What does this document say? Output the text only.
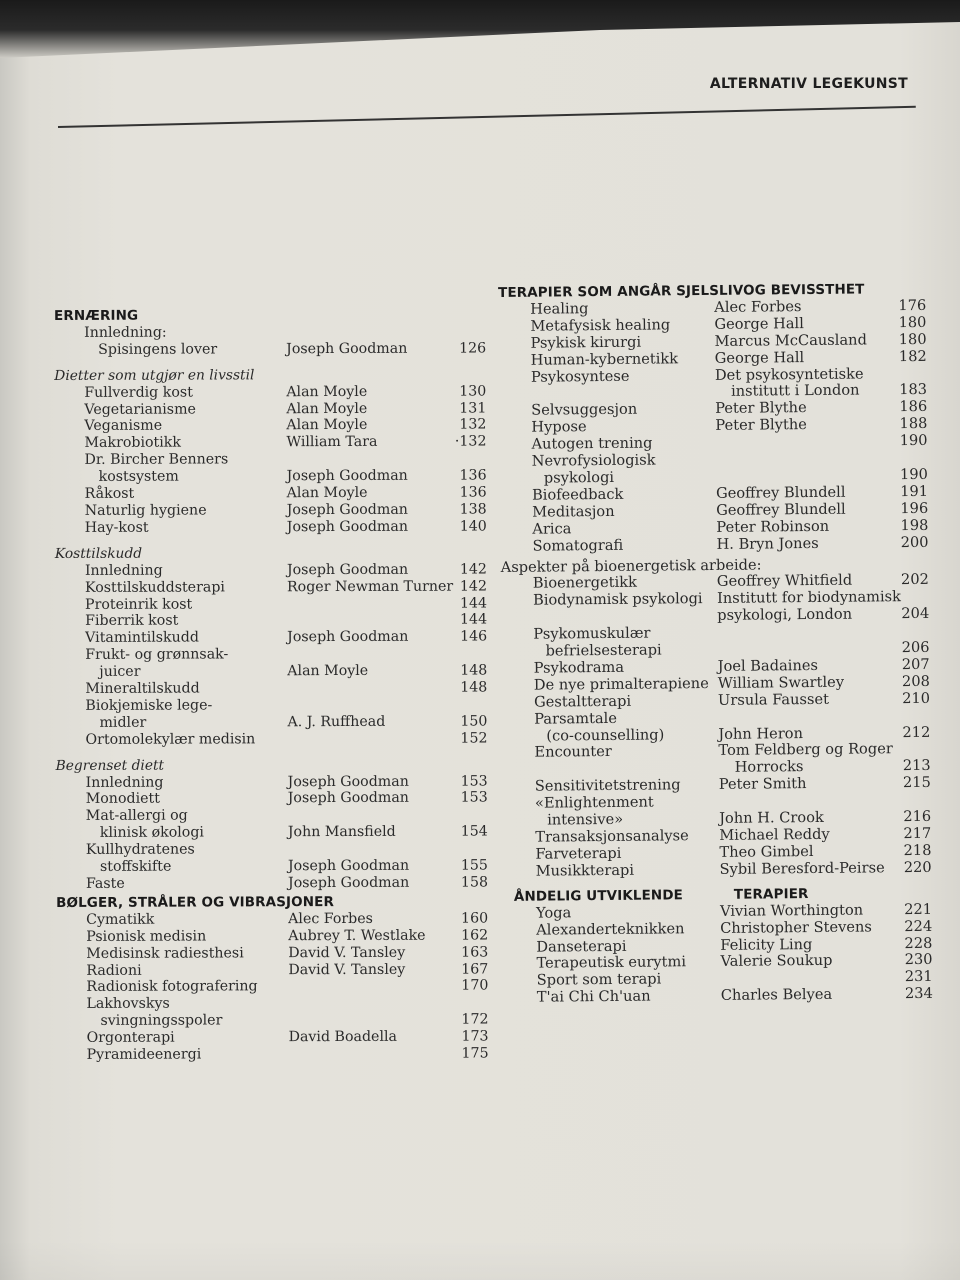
ALTERNATIV LEGEKUNST
ERNÆRING
Innledning:
Spisingens lover	Joseph Goodman	126
Dietter som utgjør en livsstil
Fullverdig kost	Alan Moyle	130
Vegetarianisme	Alan Moyle	131
Veganisme	Alan Moyle	132
Makrobiotikk	William Tara	·132
Dr. Bircher Benners
kostsystem	Joseph Goodman	136
Råkost	Alan Moyle	136
Naturlig hygiene	Joseph Goodman	138
Hay-kost	Joseph Goodman	140
Kosttilskudd
Innledning	Joseph Goodman	142
Kosttilskuddsterapi	Roger Newman Turner 142
Proteinrik kost	144
Fiberrik kost	144
Vitamintilskudd	Joseph Goodman	146
Frukt- og grønnsak-
juicer	Alan Moyle	148
Mineraltilskudd	148
Biokjemiske lege-
midler	A. J. Ruffhead	150
Ortomolekylær medisin	152
Begrenset diett
Innledning	Joseph Goodman	153
Monodiett	Joseph Goodman	153
Mat-allergi og
klinisk økologi	John Mansfield	154
Kullhydratenes
stoffskifte	Joseph Goodman	155
Faste	Joseph Goodman	158
BØLGER, STRÅLER OG VIBRASJONER
Cymatikk	Alec Forbes	160
Psionisk medisin	Aubrey T. Westlake	162
Medisinsk radiesthesi	David V. Tansley	163
Radioni	David V. Tansley	167
Radionisk fotografering	170
Lakhovskys
svingningsspoler	172
Orgonterapi	David Boadella	173
Pyramideenergi	175
TERAPIER SOM ANGÅR SJELSLIVOG BEVISSTHET
Healing	Alec Forbes	176
Metafysisk healing	George Hall	180
Psykisk kirurgi	Marcus McCausland	180
Human-kybernetikk	George Hall	182
Psykosyntese	Det psykosyntetiske

institutt i London	183
Selvsuggesjon	Peter Blythe	186
Hypose	Peter Blythe	188
Autogen trening	190
Nevrofysiologisk
psykologi	190
Biofeedback	Geoffrey Blundell	191
Meditasjon	Geoffrey Blundell	196
Arica	Peter Robinson	198
Somatografi	H. Bryn Jones	200
Aspekter på bioenergetisk arbeide:
Bioenergetikk	Geoffrey Whitfield	202
Biodynamisk psykologi Institutt for biodynamisk

psykologi, London	204
Psykomuskulær
befrielsesterapi	206
Psykodrama	Joel Badaines	207
De nye primalterapiene William Swartley	208
Gestaltterapi	Ursula Fausset	210
Parsamtale
(co-counselling)	John Heron	212
Encounter	Tom Feldberg og Roger

Horrocks	213
Sensitivitetstrening	Peter Smith	215
«Enlightenment
intensive»	John H. Crook	216
Transaksjonsanalyse	Michael Reddy	217
Farveterapi	Theo Gimbel	218
Musikkterapi	Sybil Beresford-Peirse	220
ÅNDELIG UTVIKLENDE	TERAPIER
Yoga	Vivian Worthington	221
Alexanderteknikken	Christopher Stevens	224
Danseterapi	Felicity Ling	228
Terapeutisk eurytmi	Valerie Soukup	230
Sport som terapi	231
T'ai Chi Ch'uan	Charles Belyea	234
